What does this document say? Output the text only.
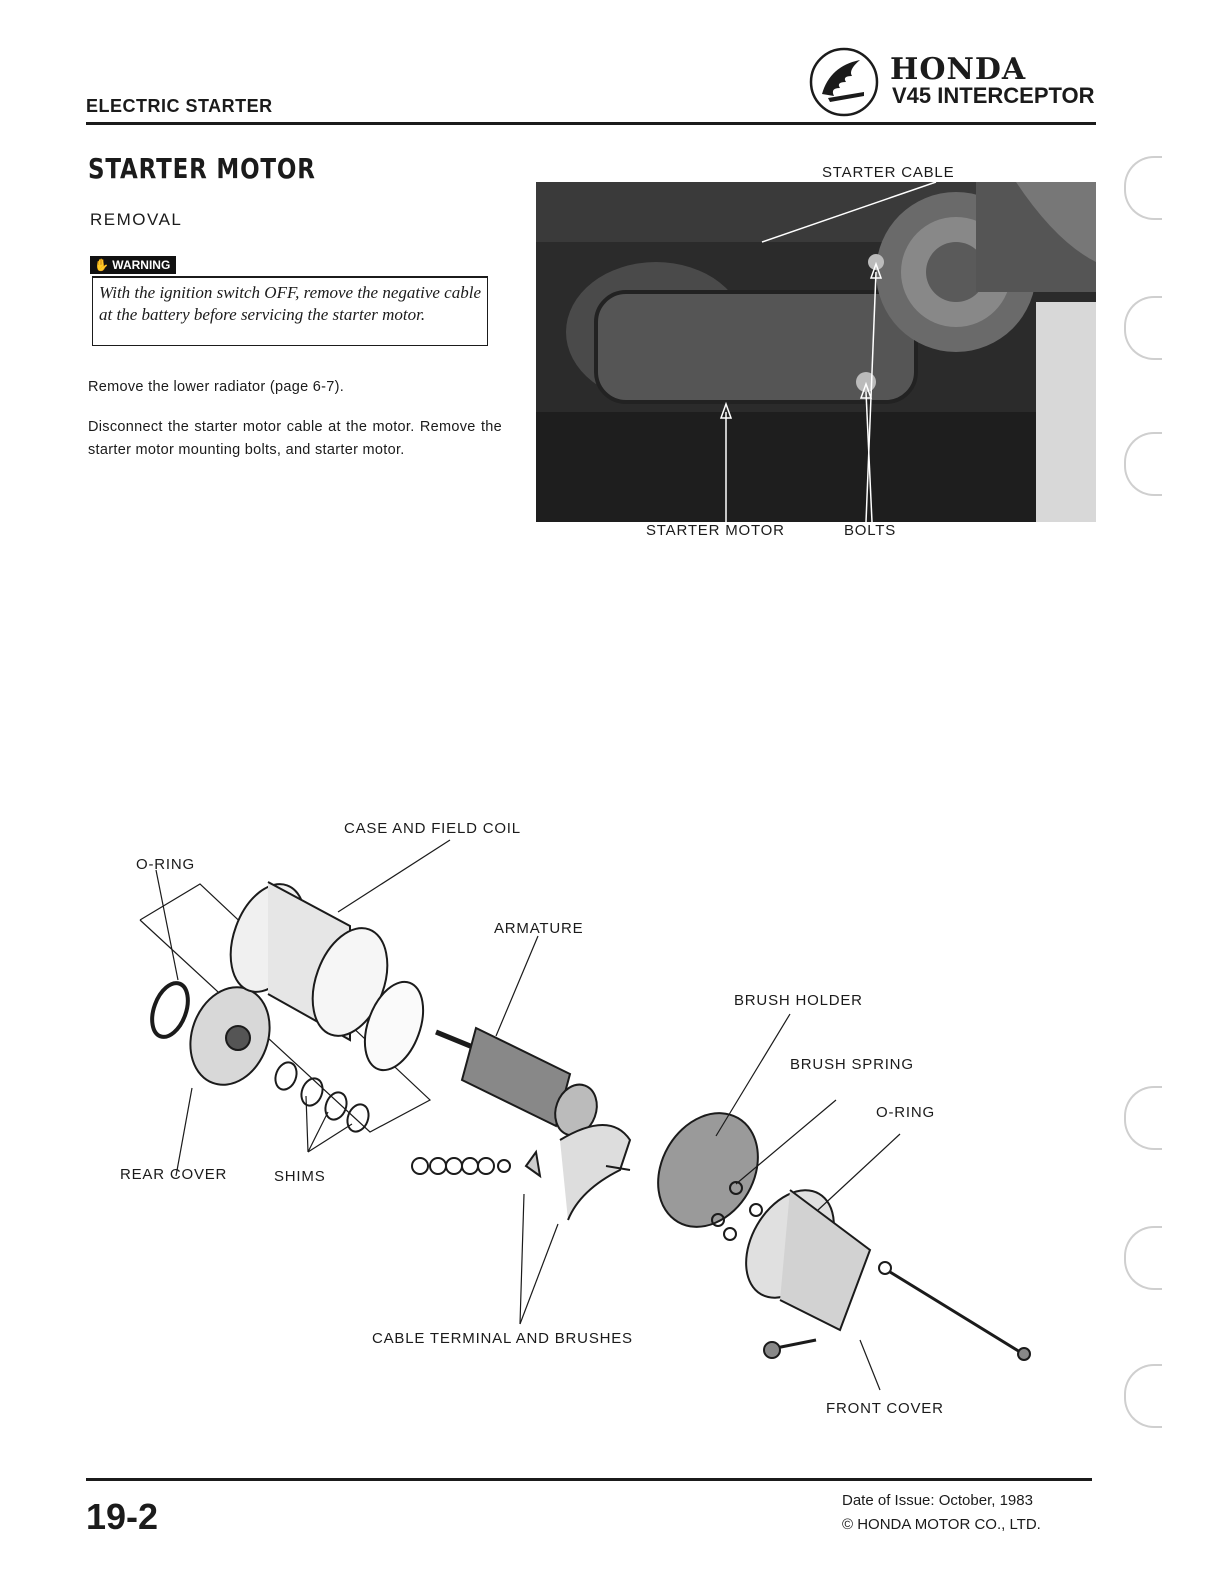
ELECTRIC STARTER
HONDA
V45 INTERCEPTOR
STARTER MOTOR
REMOVAL
✋ WARNING

With the ignition switch OFF, remove the negative cable at the battery before servicing the starter motor.

Remove the lower radiator (page 6-7).

Disconnect the starter motor cable at the motor. Remove the starter motor mounting bolts, and starter motor.

STARTER CABLE
STARTER MOTOR	BOLTS
CASE AND FIELD COIL
O-RING
ARMATURE
BRUSH HOLDER
BRUSH SPRING
O-RING
REAR COVER	SHIMS
CABLE TERMINAL AND BRUSHES
FRONT COVER
19-2	Date of Issue: October, 1983
© HONDA MOTOR CO., LTD.
